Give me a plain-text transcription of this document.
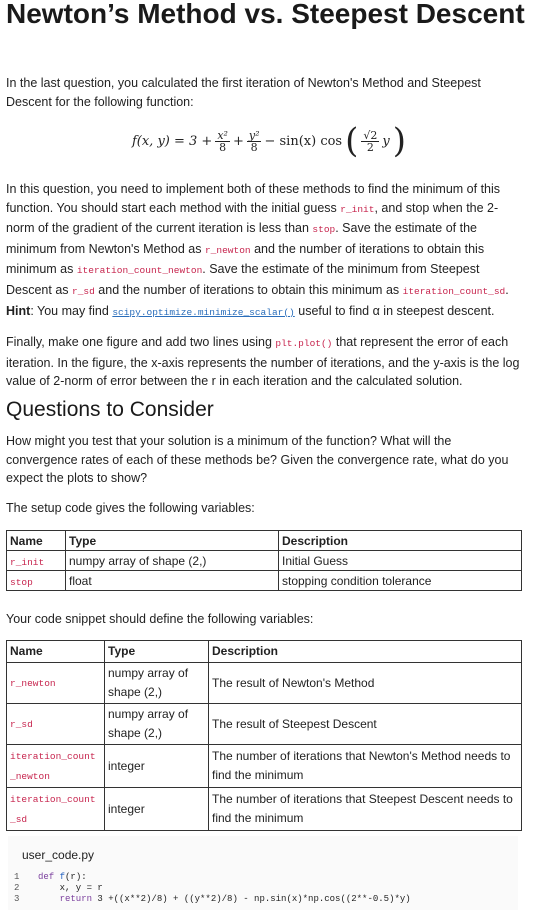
Newton’s Method vs. Steepest Descent

In the last question, you calculated the first iteration of Newton's Method and Steepest Descent for the following function:

f(x, $y) = 3 + \frac{\text{x²}}{8} + \frac{\text{y²}}{8} - \sin(x)$ cos ( $\frac{√2}{2}$ y )

In this question, you need to implement both of these methods to find the minimum of this function. You should start each method with the initial guess r_init, and stop when the 2-norm of the gradient of the current iteration is less than stop. Save the estimate of the minimum from Newton's Method as r_newton and the number of iterations to obtain this minimum as iteration_count_newton. Save the estimate of the minimum from Steepest Descent as r_sd and the number of iterations to obtain this minimum as iteration_count_sd.

Hint: You may find scipy.optimize.minimize_scalar() useful to find α in steepest descent.

Finally, make one figure and add two lines using plt.plot() that represent the error of each iteration. In the figure, the x-axis represents the number of iterations, and the y-axis is the log value of 2-norm of error between the r in each iteration and the calculated solution.

Questions to Consider

How might you test that your solution is a minimum of the function? What will the convergence rates of each of these methods be? Given the convergence rate, what do you expect the plots to show?

The setup code gives the following variables:

Name	Type	Description
r_init	numpy array of shape (2,)	Initial Guess
stop	float	stopping condition tolerance

Your code snippet should define the following variables:

Name	Type	Description
r_newton	numpy array of shape (2,)	The result of Newton's Method
r_sd	numpy array of shape (2,)	The result of Steepest Descent
iteration_count_newton	integer	The number of iterations that Newton's Method needs to find the minimum
iteration_count_sd	integer	The number of iterations that Steepest Descent needs to find the minimum
user_code.py
1
2
3
def f(r):
x, y = r
return 3 +((x**2)/8) + ((y**2)/8) - np.sin(x)*np.cos((2**-0.5)*y)
